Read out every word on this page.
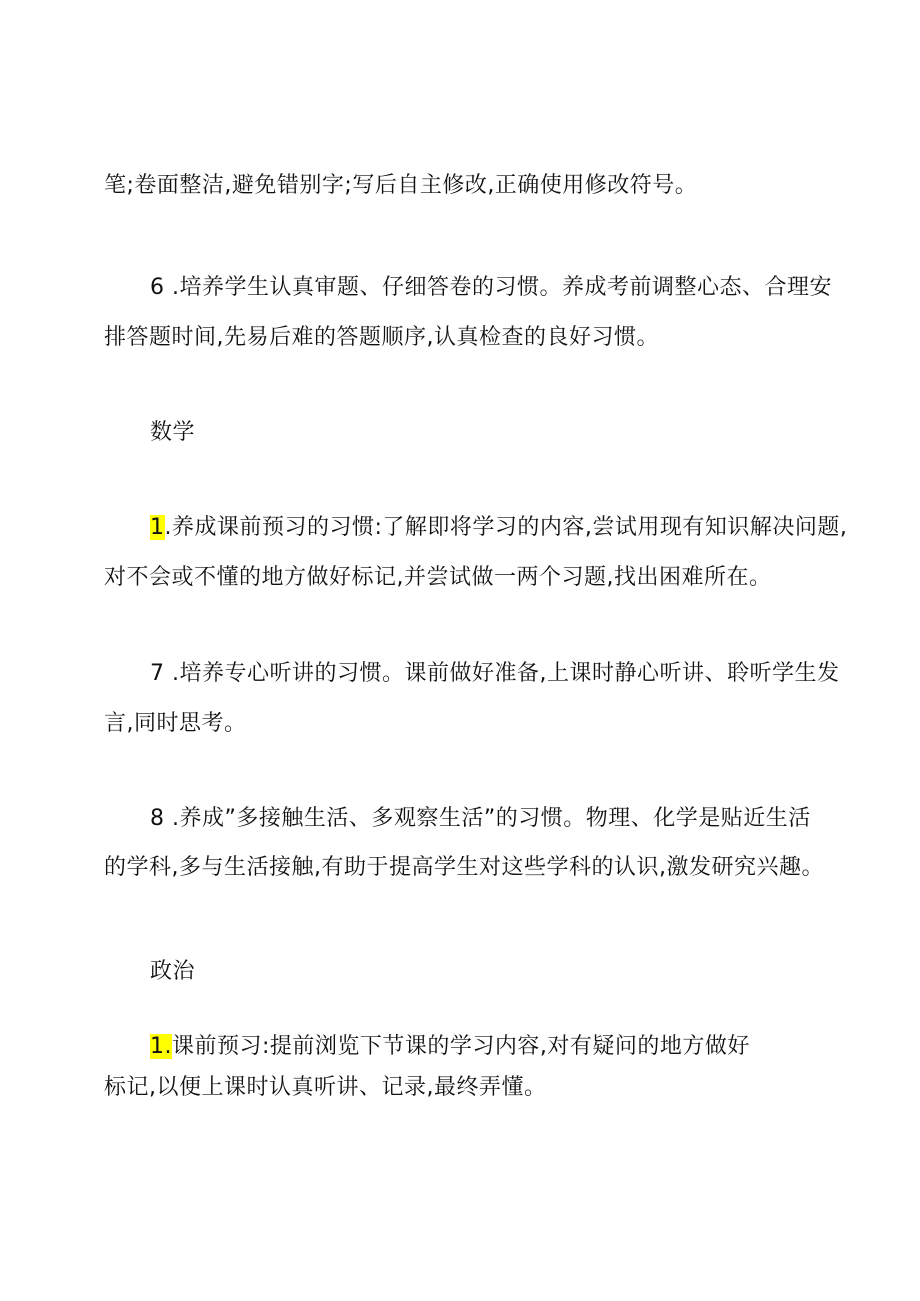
笔;卷面整洁,避免错别字;写后自主修改,正确使用修改符号。
6 .培养学生认真审题、仔细答卷的习惯。养成考前调整心态、合理安
排答题时间,先易后难的答题顺序,认真检查的良好习惯。
数学
1.养成课前预习的习惯:了解即将学习的内容,尝试用现有知识解决问题,
对不会或不懂的地方做好标记,并尝试做一两个习题,找出困难所在。
7 .培养专心听讲的习惯。课前做好准备,上课时静心听讲、聆听学生发
言,同时思考。
8 .养成”多接触生活、多观察生活”的习惯。物理、化学是贴近生活
的学科,多与生活接触,有助于提高学生对这些学科的认识,激发研究兴趣。
政治
1.课前预习:提前浏览下节课的学习内容,对有疑问的地方做好
标记,以便上课时认真听讲、记录,最终弄懂。
